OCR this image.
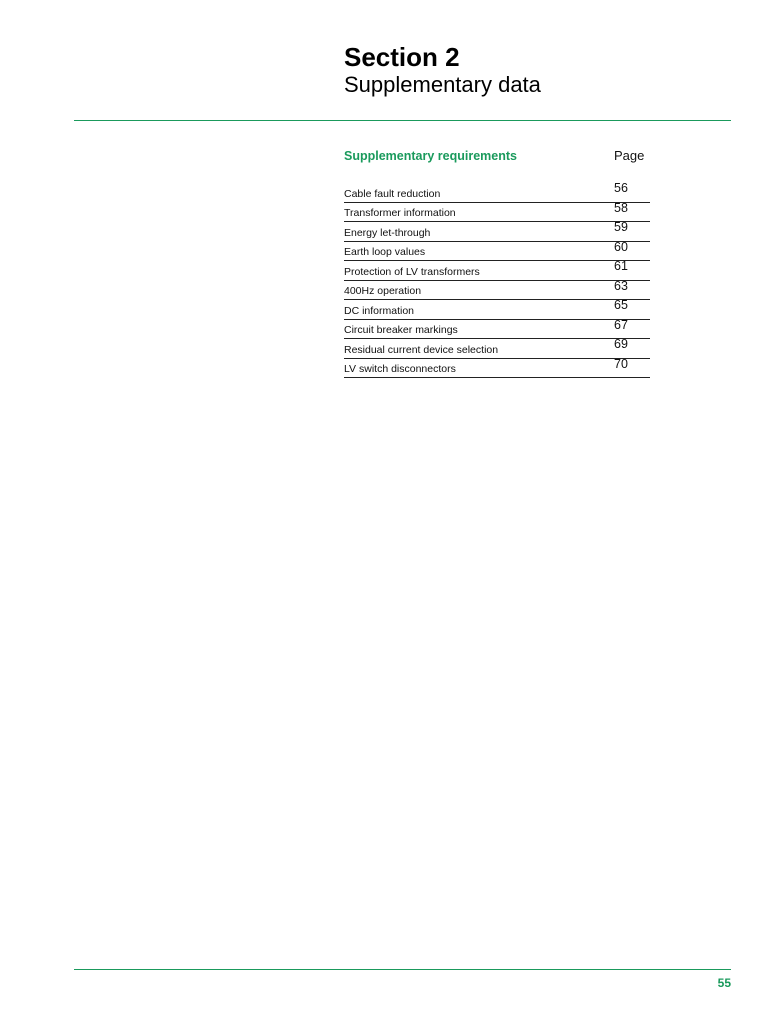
Section 2
Supplementary data
Supplementary requirements	Page
Cable fault reduction	56
Transformer information	58
Energy let-through	59
Earth loop values	60
Protection of LV transformers	61
400Hz operation	63
DC information	65
Circuit breaker markings	67
Residual current device selection	69
LV switch disconnectors	70
55
